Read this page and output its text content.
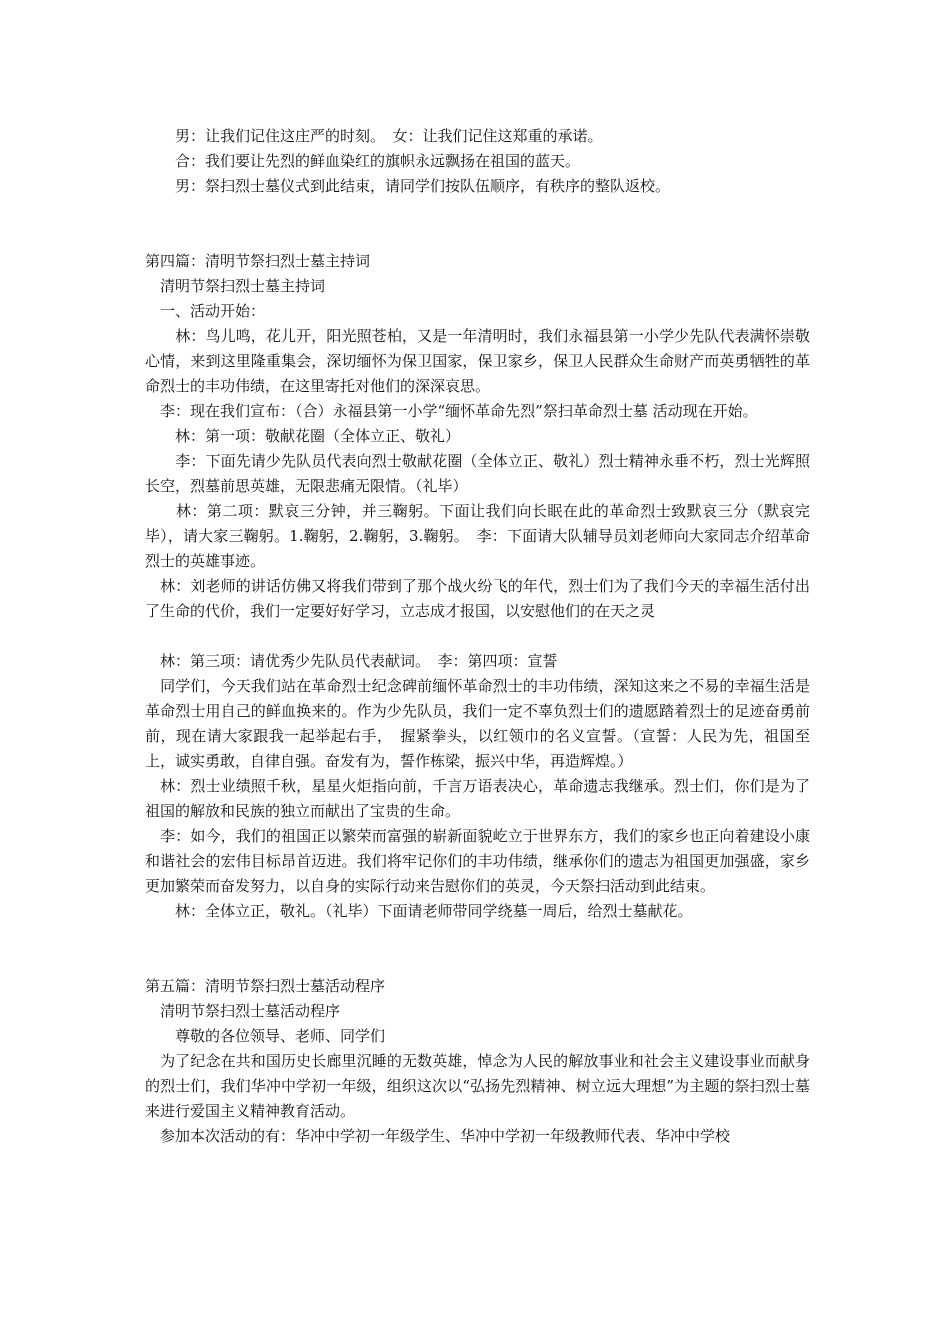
　　男：让我们记住这庄严的时刻。　女：让我们记住这郑重的承诺。
　　合：我们要让先烈的鲜血染红的旗帜永远飘扬在祖国的蓝天。
　　男：祭扫烈士墓仪式到此结束，请同学们按队伍顺序，有秩序的整队返校。
第四篇：清明节祭扫烈士墓主持词
　清明节祭扫烈士墓主持词
　一、活动开始：
　　林：鸟儿鸣，花儿开，阳光照苍柏，又是一年清明时，我们永福县第一小学少先队代表满怀崇敬心情，来到这里隆重集会，深切缅怀为保卫国家，保卫家乡，保卫人民群众生命财产而英勇牺牲的革命烈士的丰功伟绩，在这里寄托对他们的深深哀思。
　李：现在我们宣布：（合）永福县第一小学“缅怀革命先烈”祭扫革命烈士墓 活动现在开始。
　　林：第一项：敬献花圈（全体立正、敬礼）
　　李：下面先请少先队员代表向烈士敬献花圈（全体立正、敬礼）烈士精神永垂不朽，烈士光辉照长空，烈墓前思英雄，无限悲痛无限情。（礼毕）
　　林：第二项：默哀三分钟，并三鞠躬。下面让我们向长眠在此的革命烈士致默哀三分（默哀完毕），请大家三鞠躬。1.鞠躬，2.鞠躬，3.鞠躬。　李：下面请大队辅导员刘老师向大家同志介绍革命烈士的英雄事迹。
　林：刘老师的讲话仿佛又将我们带到了那个战火纷飞的年代，烈士们为了我们今天的幸福生活付出了生命的代价，我们一定要好好学习，立志成才报国，以安慰他们的在天之灵
　林：第三项：请优秀少先队员代表献词。　李：第四项：宣誓
　同学们，今天我们站在革命烈士纪念碑前缅怀革命烈士的丰功伟绩，深知这来之不易的幸福生活是革命烈士用自己的鲜血换来的。作为少先队员，我们一定不辜负烈士们的遗愿踏着烈士的足迹奋勇前前，现在请大家跟我一起举起右手，　握紧拳头，以红领巾的名义宣誓。（宣誓：人民为先，祖国至上，诚实勇敢，自律自强。奋发有为，誓作栋梁，振兴中华，再造辉煌。）
　林：烈士业绩照千秋，星星火炬指向前，千言万语表决心，革命遗志我继承。烈士们，你们是为了祖国的解放和民族的独立而献出了宝贵的生命。
　李：如今，我们的祖国正以繁荣而富强的崭新面貌屹立于世界东方，我们的家乡也正向着建设小康和谐社会的宏伟目标昂首迈进。我们将牢记你们的丰功伟绩，继承你们的遗志为祖国更加强盛，家乡更加繁荣而奋发努力，以自身的实际行动来告慰你们的英灵，今天祭扫活动到此结束。
　　林：全体立正，敬礼。（礼毕）下面请老师带同学绕墓一周后，给烈士墓献花。
第五篇：清明节祭扫烈士墓活动程序
　清明节祭扫烈士墓活动程序
　　尊敬的各位领导、老师、同学们
　为了纪念在共和国历史长廊里沉睡的无数英雄，悼念为人民的解放事业和社会主义建设事业而献身的烈士们，我们华冲中学初一年级，组织这次以“弘扬先烈精神、树立远大理想”为主题的祭扫烈士墓来进行爱国主义精神教育活动。
　参加本次活动的有：华冲中学初一年级学生、华冲中学初一年级教师代表、华冲中学校
